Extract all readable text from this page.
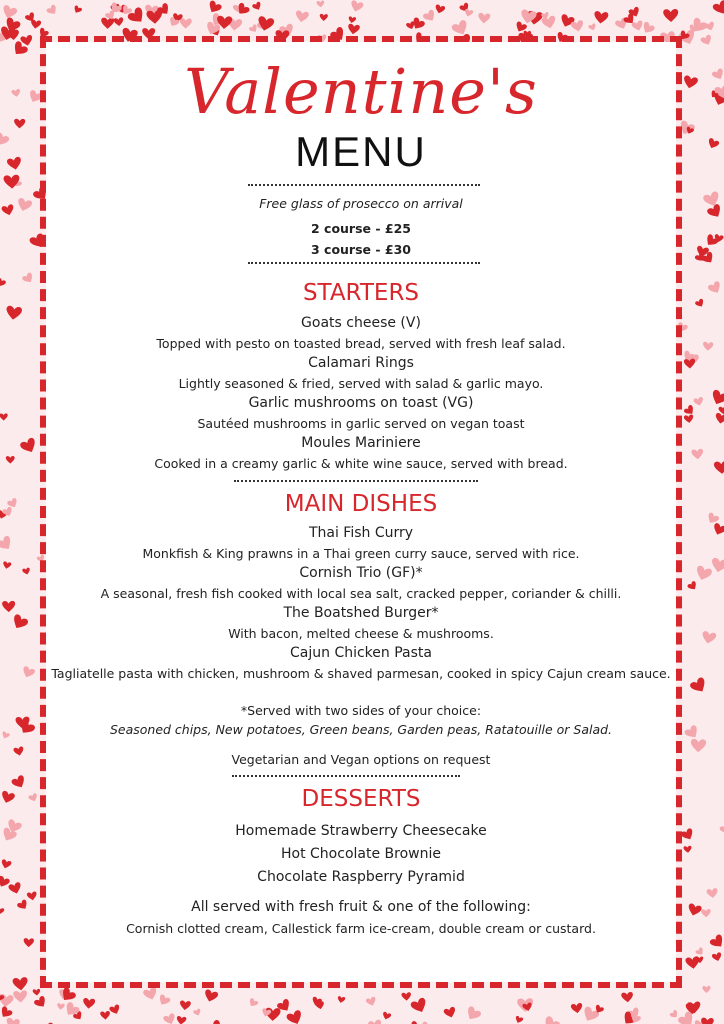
Valentine's
MENU
Free glass of prosecco on arrival
2 course - £25
3 course - £30
STARTERS
Goats cheese (V)
Topped with pesto on toasted bread, served with fresh leaf salad.
Calamari Rings
Lightly seasoned & fried, served with salad & garlic mayo.
Garlic mushrooms on toast (VG)
Sautéed mushrooms in garlic served on vegan toast
Moules Mariniere
Cooked in a creamy garlic & white wine sauce, served with bread.
MAIN DISHES
Thai Fish Curry
Monkfish & King prawns in a Thai green curry sauce, served with rice.
Cornish Trio (GF)*
A seasonal, fresh fish cooked with local sea salt, cracked pepper, coriander & chilli.
The Boatshed Burger*
With bacon, melted cheese & mushrooms.
Cajun Chicken Pasta
Tagliatelle pasta with chicken, mushroom & shaved parmesan, cooked in spicy Cajun cream sauce.
*Served with two sides of your choice:
Seasoned chips, New potatoes, Green beans, Garden peas, Ratatouille or Salad.
Vegetarian and Vegan options on request
DESSERTS
Homemade Strawberry Cheesecake
Hot Chocolate Brownie
Chocolate Raspberry Pyramid
All served with fresh fruit & one of the following:
Cornish clotted cream, Callestick farm ice-cream, double cream or custard.
